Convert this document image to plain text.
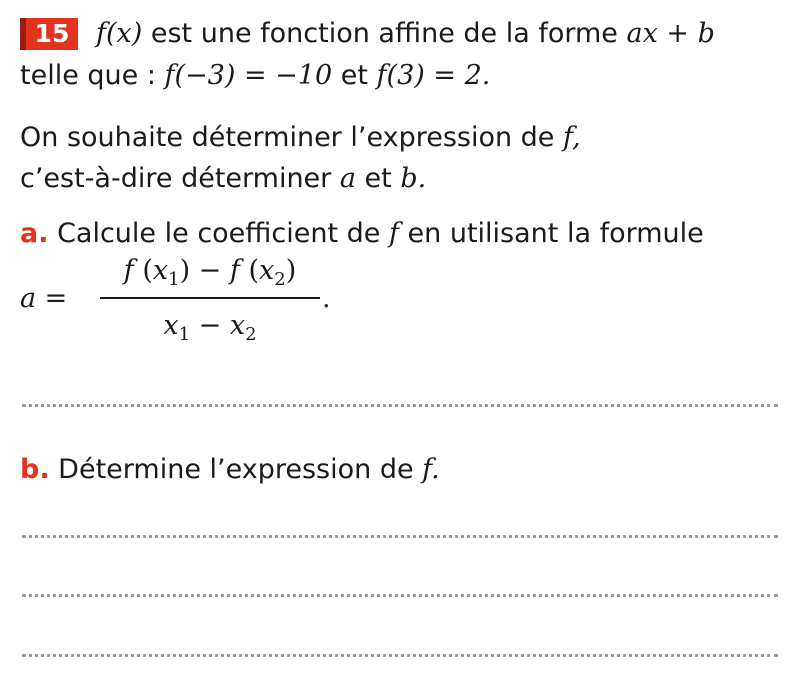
15 f(x) est une fonction affine de la forme ax + b
telle que : f(−3) = −10 et f(3) = 2.
On souhaite déterminer l’expression de f,
c’est-à-dire déterminer a et b.
a. Calcule le coefficient de f en utilisant la formule
a =
f $(x_1) - f$ $(x_2)$
$x_1 - x_2$
.
b. Détermine l’expression de f.
